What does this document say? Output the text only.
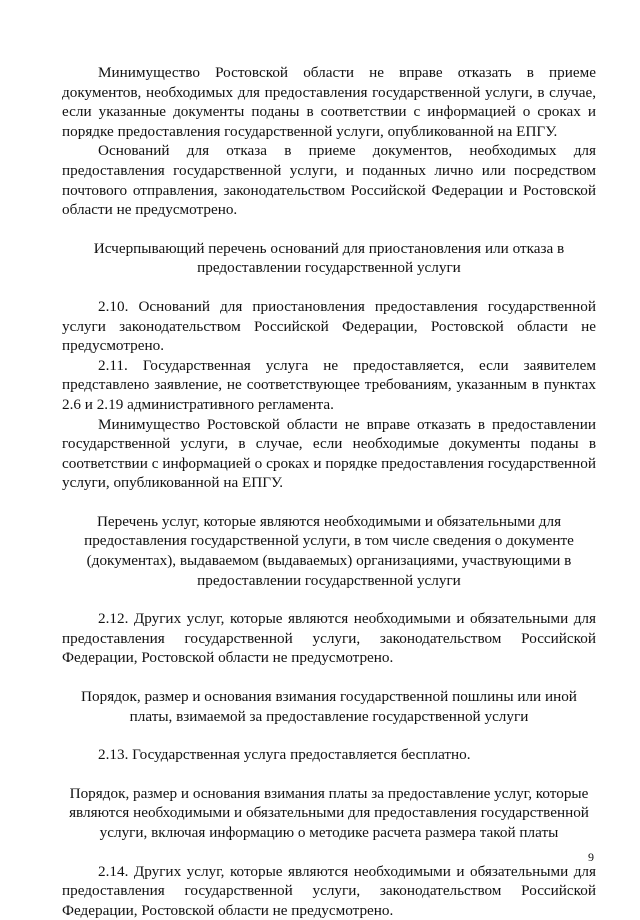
Минимущество Ростовской области не вправе отказать в приеме документов, необходимых для предоставления государственной услуги, в случае, если указанные документы поданы в соответствии с информацией о сроках и порядке предоставления государственной услуги, опубликованной на ЕПГУ.

Оснований для отказа в приеме документов, необходимых для предоставления государственной услуги, и поданных лично или посредством почтового отправления, законодательством Российской Федерации и Ростовской области не предусмотрено.

Исчерпывающий перечень оснований для приостановления или отказа в предоставлении государственной услуги

2.10. Оснований для приостановления предоставления государственной услуги законодательством Российской Федерации, Ростовской области не предусмотрено.

2.11. Государственная услуга не предоставляется, если заявителем представлено заявление, не соответствующее требованиям, указанным в пунктах 2.6 и 2.19 административного регламента.

Минимущество Ростовской области не вправе отказать в предоставлении государственной услуги, в случае, если необходимые документы поданы в соответствии с информацией о сроках и порядке предоставления государственной услуги, опубликованной на ЕПГУ.

Перечень услуг, которые являются необходимыми и обязательными для предоставления государственной услуги, в том числе сведения о документе (документах), выдаваемом (выдаваемых) организациями, участвующими в предоставлении государственной услуги

2.12. Других услуг, которые являются необходимыми и обязательными для предоставления государственной услуги, законодательством Российской Федерации, Ростовской области не предусмотрено.

Порядок, размер и основания взимания государственной пошлины или иной платы, взимаемой за предоставление государственной услуги

2.13. Государственная услуга предоставляется бесплатно.

Порядок, размер и основания взимания платы за предоставление услуг, которые являются необходимыми и обязательными для предоставления государственной услуги, включая информацию о методике расчета размера такой платы

2.14. Других услуг, которые являются необходимыми и обязательными для предоставления государственной услуги, законодательством Российской Федерации, Ростовской области не предусмотрено.

9
